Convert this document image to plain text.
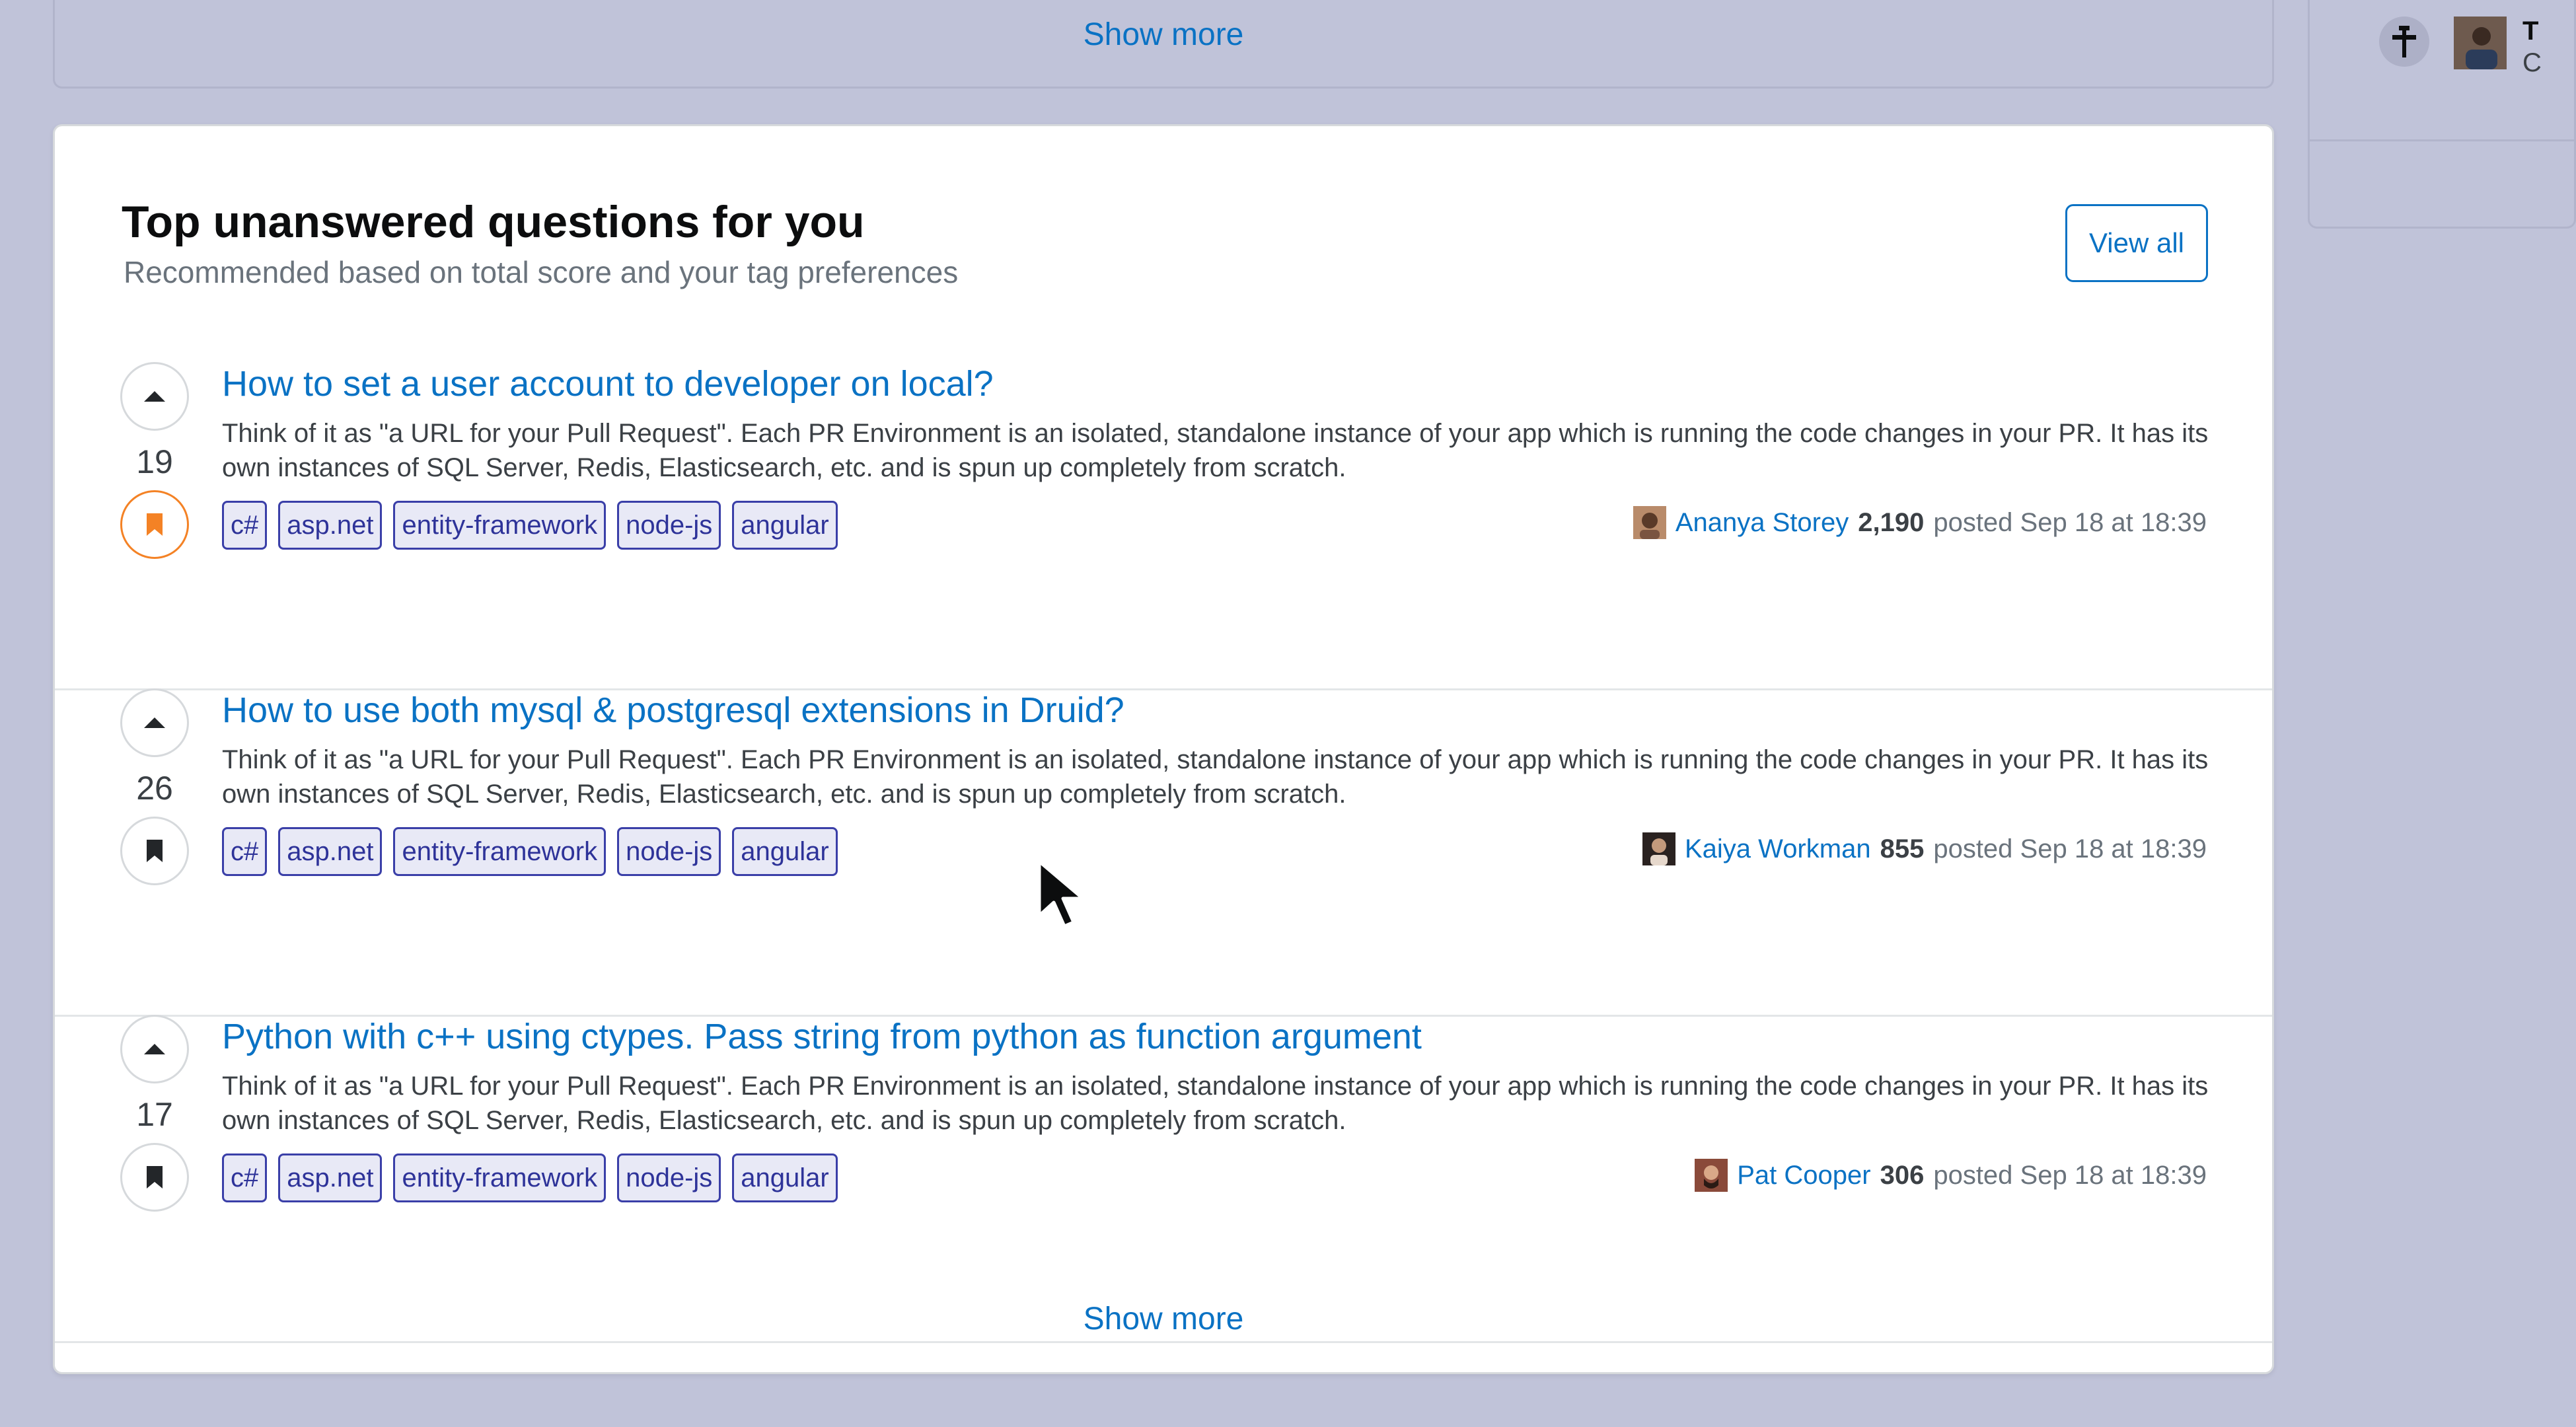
Show more	T
C
Top unanswered questions for you
Recommended based on total score and your tag preferences
View all
19
How to set a user account to developer on local?
Think of it as "a URL for your Pull Request". Each PR Environment is an isolated, standalone instance of your app which is running the code changes in your PR. It has its own instances of SQL Server, Redis, Elasticsearch, etc. and is spun up completely from scratch.
c#	asp.net	entity-framework	node-js	angular	Ananya Storey 2,190 posted Sep 18 at 18:39
26
How to use both mysql & postgresql extensions in Druid?
Think of it as "a URL for your Pull Request". Each PR Environment is an isolated, standalone instance of your app which is running the code changes in your PR. It has its own instances of SQL Server, Redis, Elasticsearch, etc. and is spun up completely from scratch.
c#	asp.net	entity-framework	node-js	angular	Kaiya Workman 855 posted Sep 18 at 18:39
17
Python with c++ using ctypes. Pass string from python as function argument
Think of it as "a URL for your Pull Request". Each PR Environment is an isolated, standalone instance of your app which is running the code changes in your PR. It has its own instances of SQL Server, Redis, Elasticsearch, etc. and is spun up completely from scratch.
c#	asp.net	entity-framework	node-js	angular	Pat Cooper 306 posted Sep 18 at 18:39
Show more
